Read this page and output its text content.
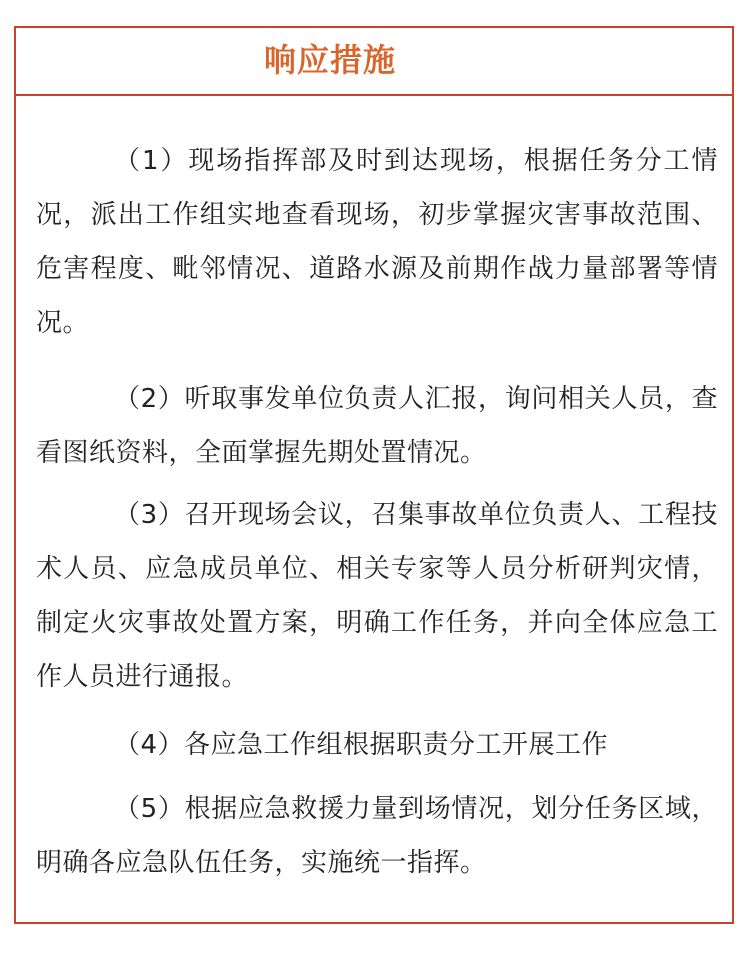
响应措施

（1）现场指挥部及时到达现场，根据任务分工情况，派出工作组实地查看现场，初步掌握灾害事故范围、危害程度、毗邻情况、道路水源及前期作战力量部署等情况。

（2）听取事发单位负责人汇报，询问相关人员，查看图纸资料，全面掌握先期处置情况。

（3）召开现场会议，召集事故单位负责人、工程技术人员、应急成员单位、相关专家等人员分析研判灾情，制定火灾事故处置方案，明确工作任务，并向全体应急工作人员进行通报。

（4）各应急工作组根据职责分工开展工作

（5）根据应急救援力量到场情况，划分任务区域，明确各应急队伍任务，实施统一指挥。
